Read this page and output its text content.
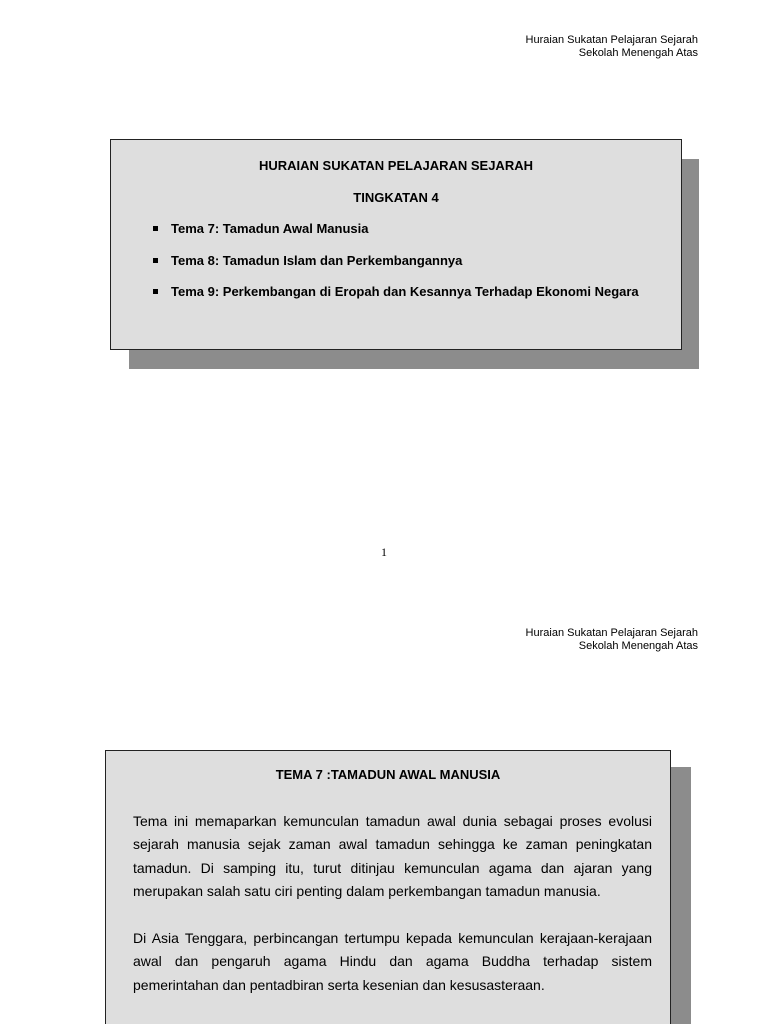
Huraian Sukatan Pelajaran Sejarah
Sekolah Menengah Atas
HURAIAN SUKATAN PELAJARAN SEJARAH
TINGKATAN 4
Tema 7: Tamadun Awal Manusia
Tema 8: Tamadun Islam dan Perkembangannya
Tema 9: Perkembangan di Eropah dan Kesannya Terhadap Ekonomi Negara
1
Huraian Sukatan Pelajaran Sejarah
Sekolah Menengah Atas
TEMA 7 :TAMADUN AWAL MANUSIA
Tema ini memaparkan kemunculan tamadun awal dunia sebagai proses evolusi sejarah manusia sejak zaman awal tamadun sehingga ke zaman peningkatan tamadun. Di samping itu, turut ditinjau kemunculan agama dan ajaran yang merupakan salah satu ciri penting dalam perkembangan tamadun manusia.
Di Asia Tenggara, perbincangan tertumpu kepada kemunculan kerajaan-kerajaan awal dan pengaruh agama Hindu dan agama Buddha terhadap sistem pemerintahan dan pentadbiran serta kesenian dan kesusasteraan.
